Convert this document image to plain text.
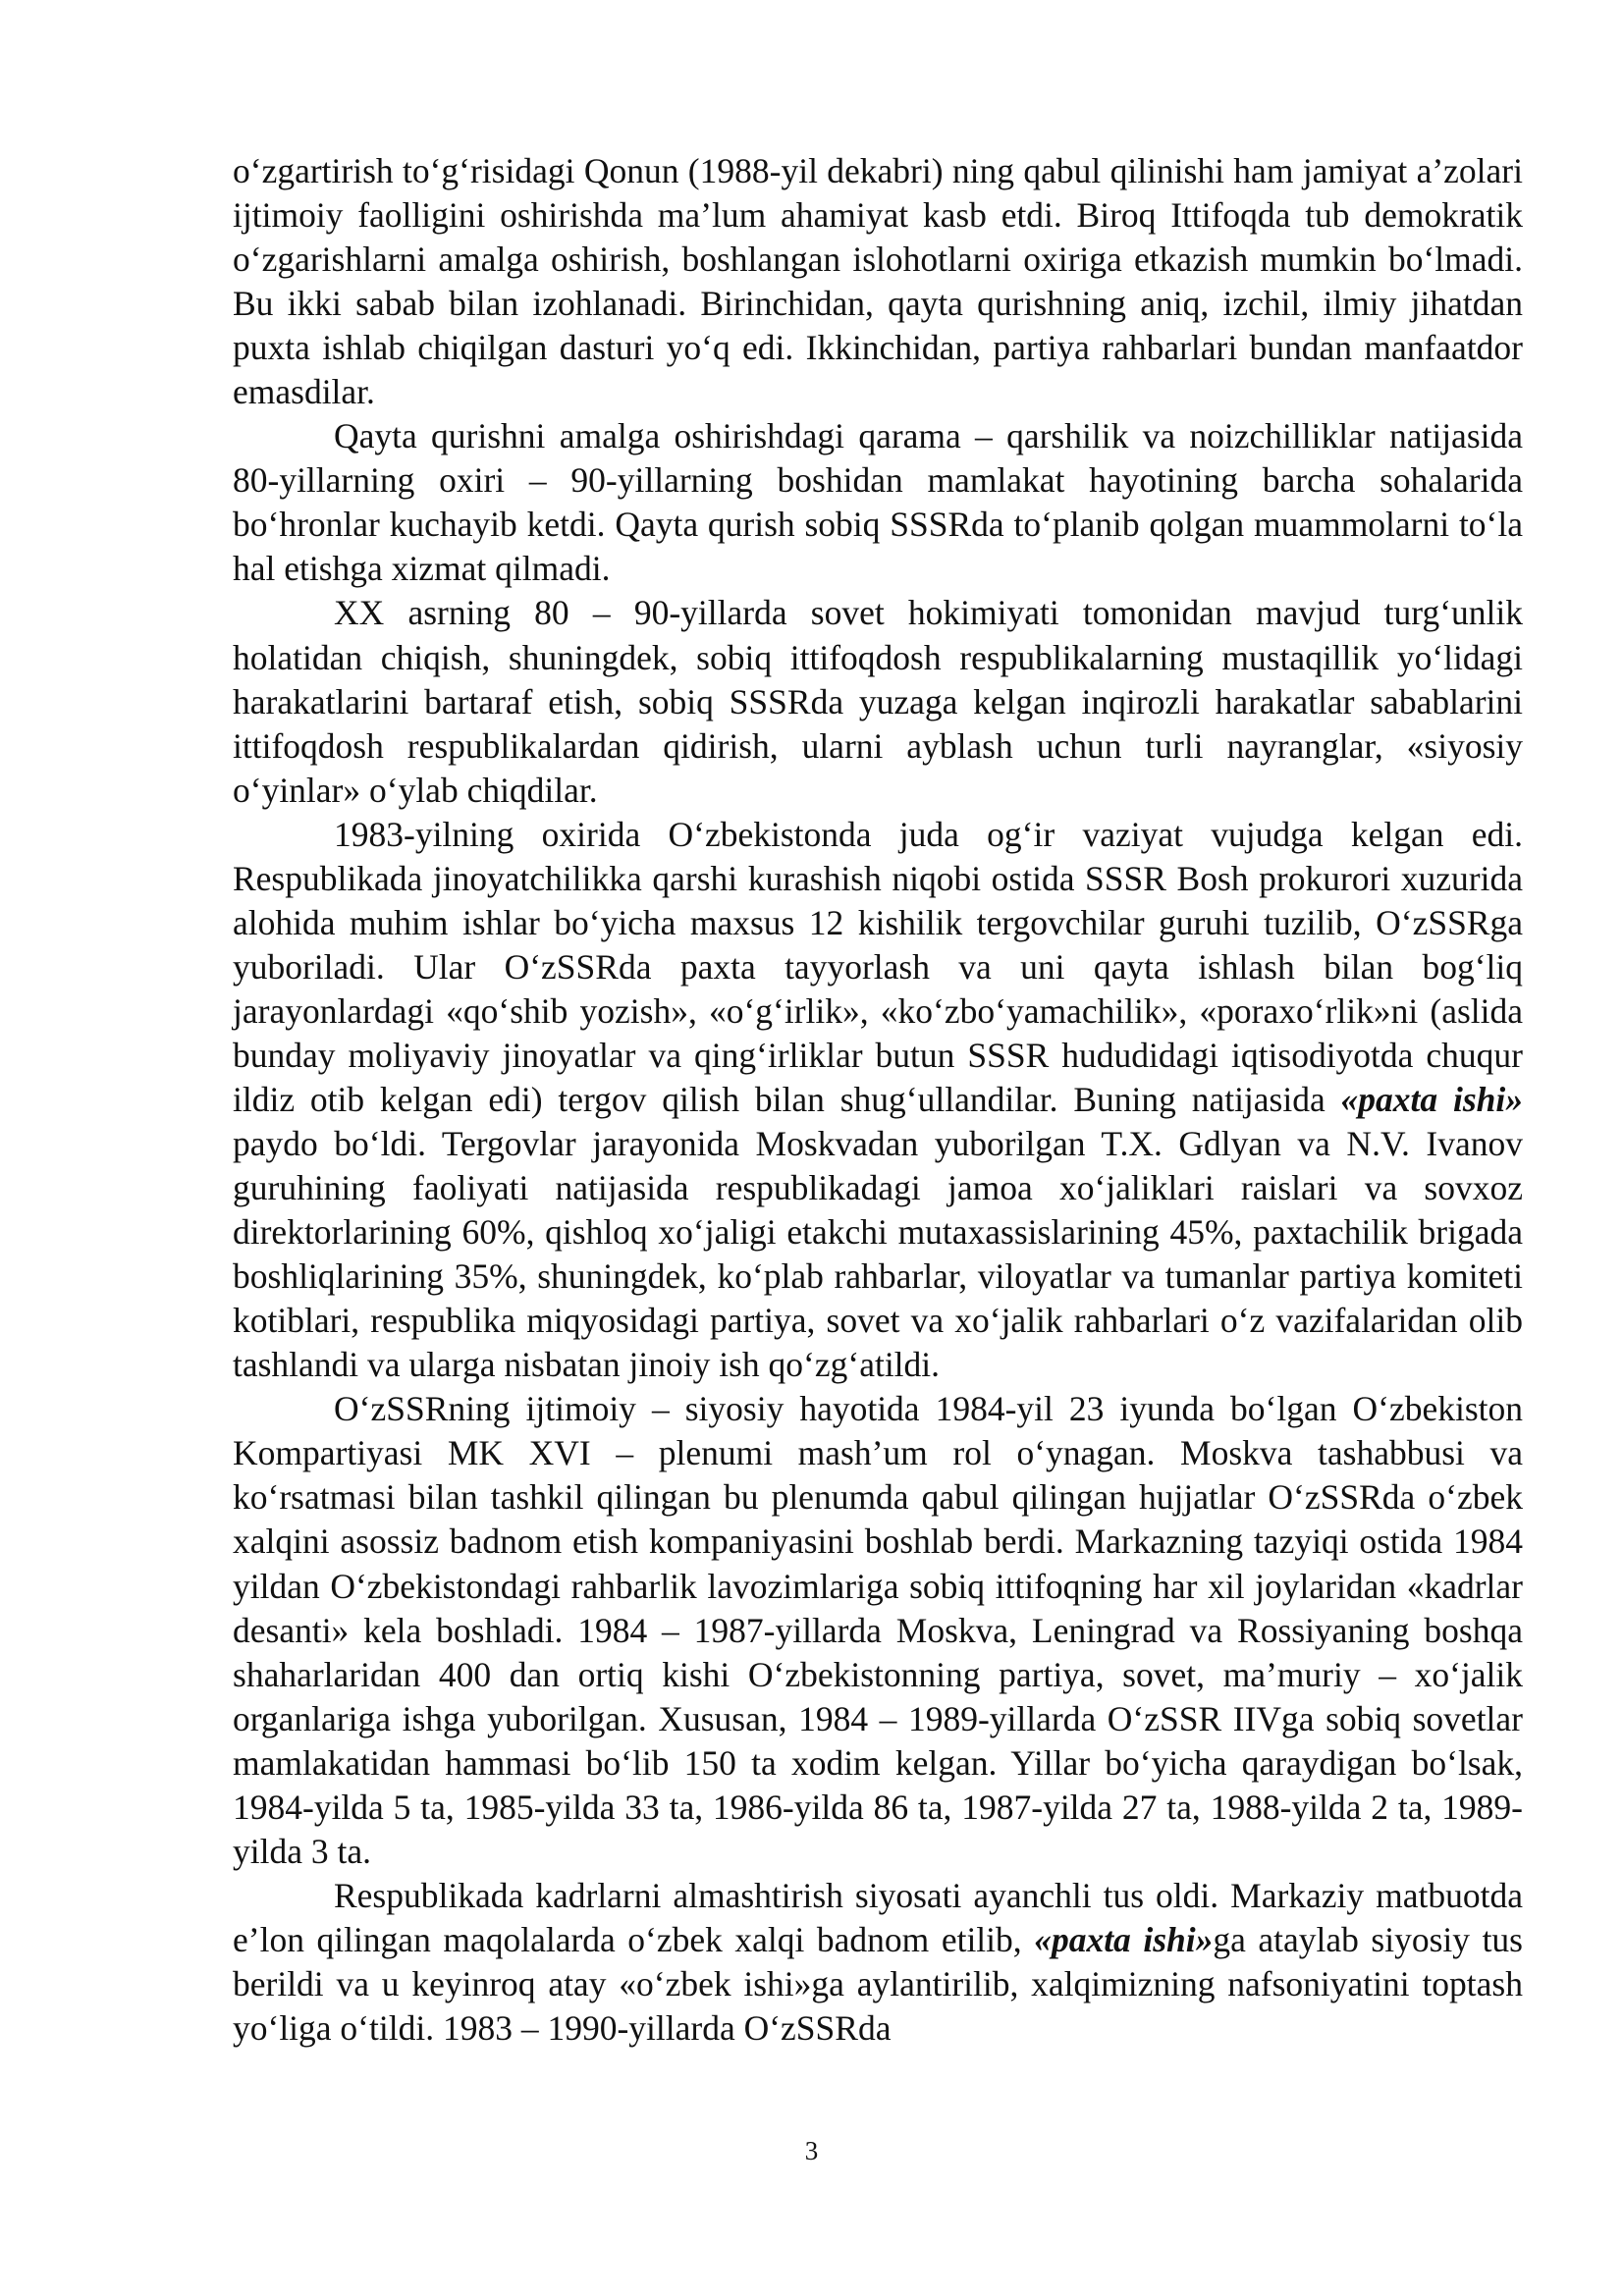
o‘zgartirish to‘g‘risidagi Qonun (1988-yil dekabri) ning qabul qilinishi ham jamiyat a’zolari ijtimoiy faolligini oshirishda ma’lum ahamiyat kasb etdi. Biroq Ittifoqda tub demokratik o‘zgarishlarni amalga oshirish, boshlangan islohotlarni oxiriga etkazish mumkin bo‘lmadi. Bu ikki sabab bilan izohlanadi. Birinchidan, qayta qurishning aniq, izchil, ilmiy jihatdan puxta ishlab chiqilgan dasturi yo‘q edi. Ikkinchidan, partiya rahbarlari bundan manfaatdor emasdilar.

Qayta qurishni amalga oshirishdagi qarama – qarshilik va noizchilliklar natijasida 80-yillarning oxiri – 90-yillarning boshidan mamlakat hayotining barcha sohalarida bo‘hronlar kuchayib ketdi. Qayta qurish sobiq SSSRda to‘planib qolgan muammolarni to‘la hal etishga xizmat qilmadi.

XX asrning 80 – 90-yillarda sovet hokimiyati tomonidan mavjud turg‘unlik holatidan chiqish, shuningdek, sobiq ittifoqdosh respublikalarning mustaqillik yo‘lidagi harakatlarini bartaraf etish, sobiq SSSRda yuzaga kelgan inqirozli harakatlar sabablarini ittifoqdosh respublikalardan qidirish, ularni ayblash uchun turli nayranglar, «siyosiy o‘yinlar» o‘ylab chiqdilar.

1983-yilning oxirida O‘zbekistonda juda og‘ir vaziyat vujudga kelgan edi. Respublikada jinoyatchilikka qarshi kurashish niqobi ostida SSSR Bosh prokurori xuzurida alohida muhim ishlar bo‘yicha maxsus 12 kishilik tergovchilar guruhi tuzilib, O‘zSSRga yuboriladi. Ular O‘zSSRda paxta tayyorlash va uni qayta ishlash bilan bog‘liq jarayonlardagi «qo‘shib yozish», «o‘g‘irlik», «ko‘zbo‘yamachilik», «poraxo‘rlik»ni (aslida bunday moliyaviy jinoyatlar va qing‘irliklar butun SSSR hududidagi iqtisodiyotda chuqur ildiz otib kelgan edi) tergov qilish bilan shug‘ullandilar. Buning natijasida «paxta ishi» paydo bo‘ldi. Tergovlar jarayonida Moskvadan yuborilgan T.X. Gdlyan va N.V. Ivanov guruhining faoliyati natijasida respublikadagi jamoa xo‘jaliklari raislari va sovxoz direktorlarining 60%, qishloq xo‘jaligi etakchi mutaxassislarining 45%, paxtachilik brigada boshliqlarining 35%, shuningdek, ko‘plab rahbarlar, viloyatlar va tumanlar partiya komiteti kotiblari, respublika miqyosidagi partiya, sovet va xo‘jalik rahbarlari o‘z vazifalaridan olib tashlandi va ularga nisbatan jinoiy ish qo‘zg‘atildi.

O‘zSSRning ijtimoiy – siyosiy hayotida 1984-yil 23 iyunda bo‘lgan O‘zbekiston Kompartiyasi MK XVI – plenumi mash’um rol o‘ynagan. Moskva tashabbusi va ko‘rsatmasi bilan tashkil qilingan bu plenumda qabul qilingan hujjatlar O‘zSSRda o‘zbek xalqini asossiz badnom etish kompaniyasini boshlab berdi. Markazning tazyiqi ostida 1984 yildan O‘zbekistondagi rahbarlik lavozimlariga sobiq ittifoqning har xil joylaridan «kadrlar desanti» kela boshladi. 1984 – 1987-yillarda Moskva, Leningrad va Rossiyaning boshqa shaharlaridan 400 dan ortiq kishi O‘zbekistonning partiya, sovet, ma’muriy – xo‘jalik organlariga ishga yuborilgan. Xususan, 1984 – 1989-yillarda O‘zSSR IIVga sobiq sovetlar mamlakatidan hammasi bo‘lib 150 ta xodim kelgan. Yillar bo‘yicha qaraydigan bo‘lsak, 1984-yilda 5 ta, 1985-yilda 33 ta, 1986-yilda 86 ta, 1987-yilda 27 ta, 1988-yilda 2 ta, 1989-yilda 3 ta.

Respublikada kadrlarni almashtirish siyosati ayanchli tus oldi. Markaziy matbuotda e’lon qilingan maqolalarda o‘zbek xalqi badnom etilib, «paxta ishi»ga ataylab siyosiy tus berildi va u keyinroq atay «o‘zbek ishi»ga aylantirilib, xalqimizning nafsoniyatini toptash yo‘liga o‘tildi. 1983 – 1990-yillarda O‘zSSRda

3
